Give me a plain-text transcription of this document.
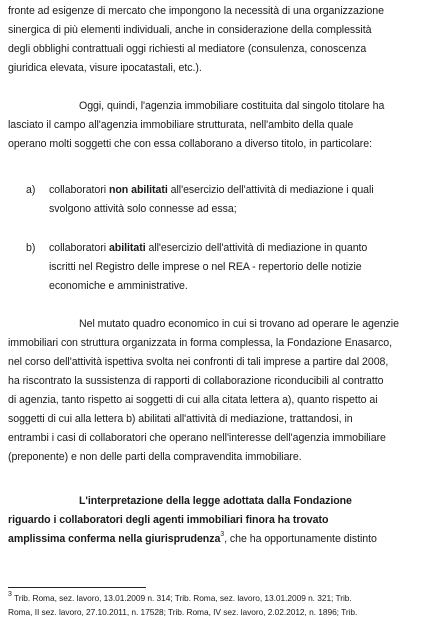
fronte ad esigenze di mercato che impongono la necessità di una organizzazione
sinergica di più elementi individuali, anche in considerazione della complessità
degli obblighi contrattuali oggi richiesti al mediatore (consulenza, conoscenza
giuridica elevata, visure ipocatastali, etc.).
Oggi, quindi, l'agenzia immobiliare costituita dal singolo titolare ha
lasciato il campo all'agenzia immobiliare strutturata, nell'ambito della quale
operano molti soggetti che con essa collaborano a diverso titolo, in particolare:
a) collaboratori non abilitati all'esercizio dell'attività di mediazione i quali
svolgono attività solo connesse ad essa;
b) collaboratori abilitati all'esercizio dell'attività di mediazione in quanto
iscritti nel Registro delle imprese o nel REA - repertorio delle notizie
economiche e amministrative.
Nel mutato quadro economico in cui si trovano ad operare le agenzie
immobiliari con struttura organizzata in forma complessa, la Fondazione Enasarco,
nel corso dell'attività ispettiva svolta nei confronti di tali imprese a partire dal 2008,
ha riscontrato la sussistenza di rapporti di collaborazione riconducibili al contratto
di agenzia, tanto rispetto ai soggetti di cui alla citata lettera a), quanto rispetto ai
soggetti di cui alla lettera b) abilitati all'attività di mediazione, trattandosi, in
entrambi i casi di collaboratori che operano nell'interesse dell'agenzia immobiliare
(preponente) e non delle parti della compravendita immobiliare.
L'interpretazione della legge adottata dalla Fondazione
riguardo i collaboratori degli agenti immobiliari finora ha trovato
amplissima conferma nella giurisprudenza$^3$, che ha opportunamente distinto
$^3$ Trib. Roma, sez. lavoro, 13.01.2009 n. 314; Trib. Roma, sez. lavoro, 13.01.2009 n. 321; Trib.
Roma, II sez. lavoro, 27.10.2011, n. 17528; Trib. Roma, IV sez. lavoro, 2.02.2012, n. 1896; Trib.
